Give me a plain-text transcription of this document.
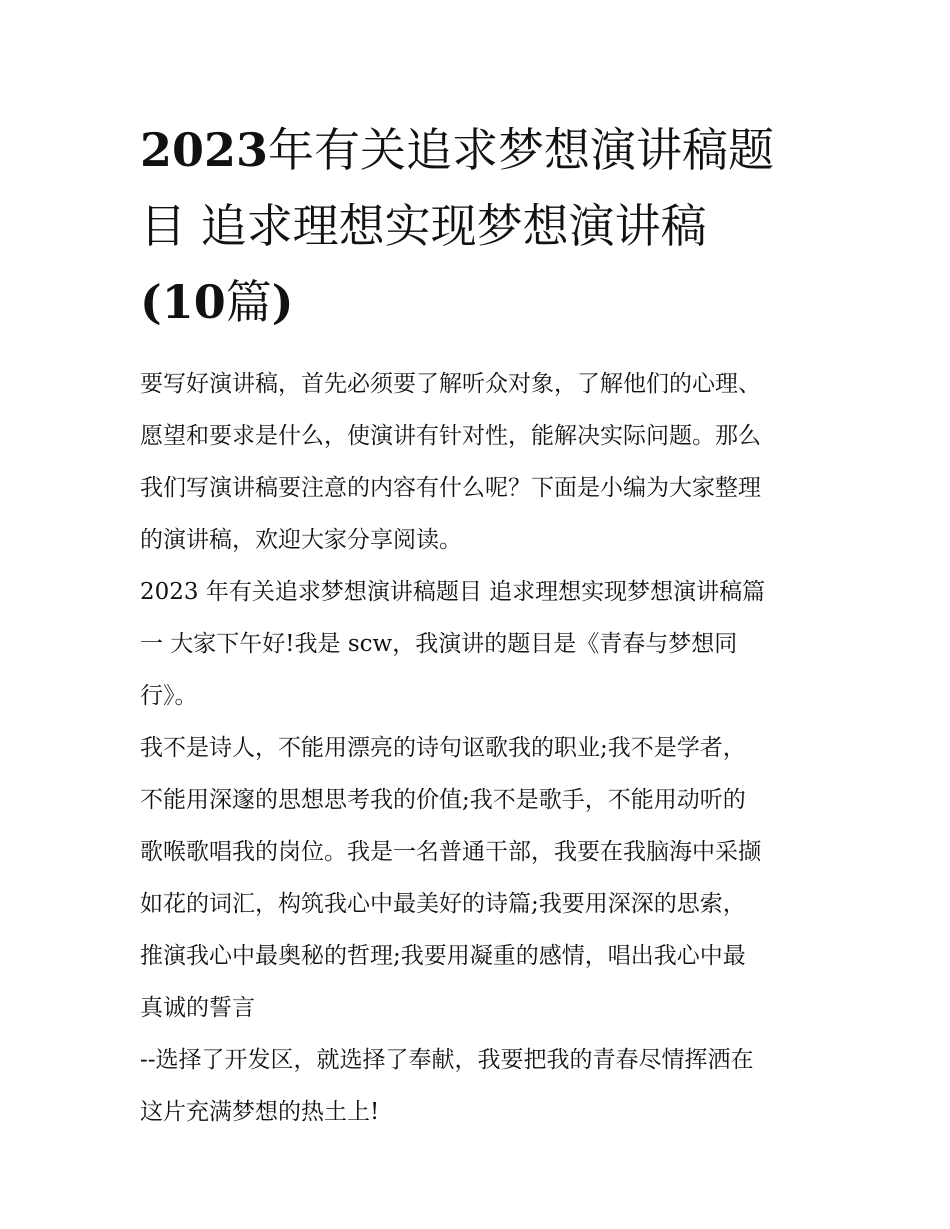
2023年有关追求梦想演讲稿题
目 追求理想实现梦想演讲稿
(10篇)

要写好演讲稿，首先必须要了解听众对象，了解他们的心理、
愿望和要求是什么，使演讲有针对性，能解决实际问题。那么
我们写演讲稿要注意的内容有什么呢？下面是小编为大家整理
的演讲稿，欢迎大家分享阅读。

2023 年有关追求梦想演讲稿题目 追求理想实现梦想演讲稿篇
一 大家下午好!我是 scw，我演讲的题目是《青春与梦想同
行》。

我不是诗人，不能用漂亮的诗句讴歌我的职业;我不是学者，
不能用深邃的思想思考我的价值;我不是歌手，不能用动听的
歌喉歌唱我的岗位。我是一名普通干部，我要在我脑海中采撷
如花的词汇，构筑我心中最美好的诗篇;我要用深深的思索，
推演我心中最奥秘的哲理;我要用凝重的感情，唱出我心中最
真诚的誓言

--选择了开发区，就选择了奉献，我要把我的青春尽情挥洒在
这片充满梦想的热土上!
